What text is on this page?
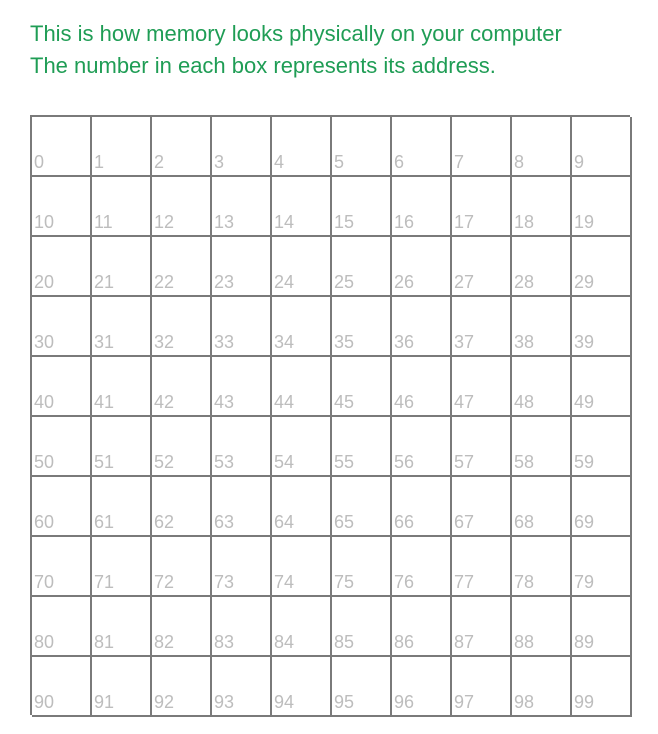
This is how memory looks physically on your computer
The number in each box represents its address.
0	1	2	3	4	5	6	7	8	9
10 11 12 13 14 15 16 17 18 19
20 21 22 23 24 25 26 27 28 29
30 31 32 33 34 35 36 37 38 39
40 41 42 43 44 45 46 47 48 49
50 51 52 53 54 55 56 57 58 59
60 61 62 63 64 65 66 67 68 69
70 71 72 73 74 75 76 77 78 79
80 81 82 83 84 85 86 87 88 89
90 91 92 93 94 95 96 97 98 99
